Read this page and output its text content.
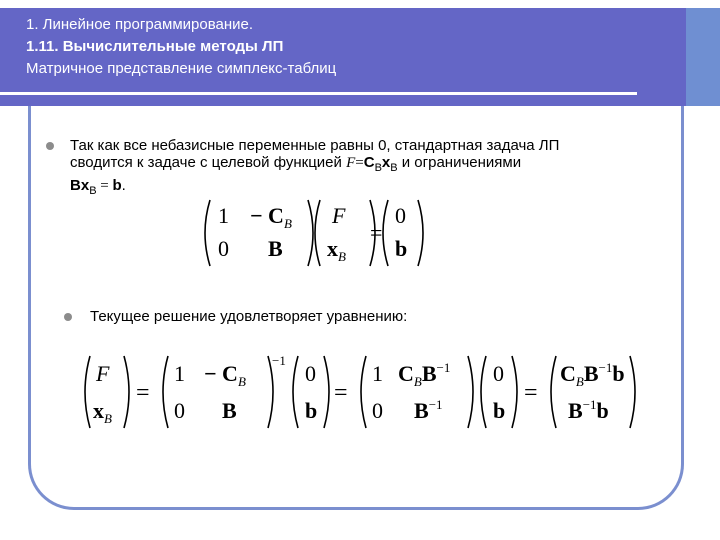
1. Линейное программирование.
1.11. Вычислительные методы ЛП
Матричное представление симплекс-таблиц
Так как все небазисные переменные равны 0, стандартная задача ЛП
сводится к задаче с целевой функцией $F=C_Bx_B$ и ограничениями
$Bx_B = b$.
$1 - C_B$
0 B
F
$x_B$
=
0
b
Текущее решение удовлетворяет уравнению:
F
$x_B$
=
$1 - C_B$
0 B
−1
0
b
=
1 $C_BB^{-1}$
0 $B^{-1}$
0
b
=
$C_BB^{-1}b$
$B^{-1}b$
